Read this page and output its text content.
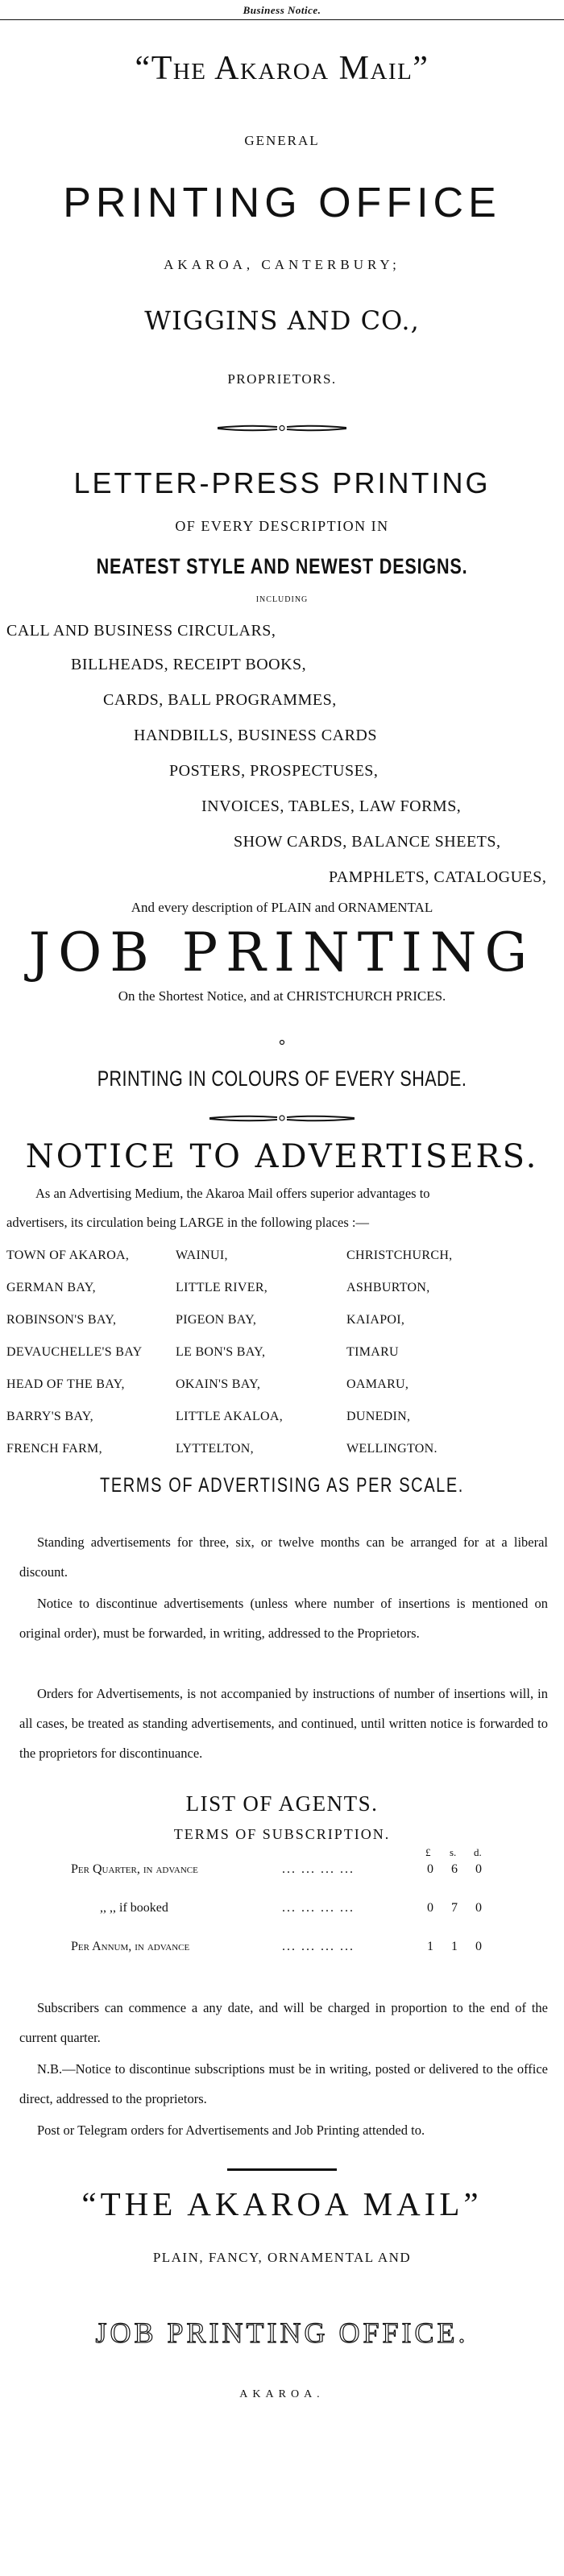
Business Notice.
“The Akaroa Mail”
GENERAL
PRINTING OFFICE
AKAROA, CANTERBURY;
WIGGINS AND CO.,
PROPRIETORS.
LETTER-PRESS PRINTING
OF EVERY DESCRIPTION IN
NEATEST STYLE AND NEWEST DESIGNS.
INCLUDING
CALL AND BUSINESS CIRCULARS,
BILLHEADS, RECEIPT BOOKS,
CARDS, BALL PROGRAMMES,
HANDBILLS, BUSINESS CARDS
POSTERS, PROSPECTUSES,
INVOICES, TABLES, LAW FORMS,
SHOW CARDS, BALANCE SHEETS,
PAMPHLETS, CATALOGUES,
And every description of PLAIN and ORNAMENTAL
JOB PRINTING
On the Shortest Notice, and at CHRISTCHURCH PRICES.
PRINTING IN COLOURS OF EVERY SHADE.
NOTICE TO ADVERTISERS.
As an Advertising Medium, the Akaroa Mail offers superior advantages to
advertisers, its circulation being LARGE in the following places :—
TOWN OF AKAROA,	WAINUI,	CHRISTCHURCH,
GERMAN BAY,	LITTLE RIVER,	ASHBURTON,
ROBINSON'S BAY,	PIGEON BAY,	KAIAPOI,
DEVAUCHELLE'S BAY	LE BON'S BAY,	TIMARU
HEAD OF THE BAY,	OKAIN'S BAY,	OAMARU,
BARRY'S BAY,	LITTLE AKALOA,	DUNEDIN,
FRENCH FARM,	LYTTELTON,	WELLINGTON.
TERMS OF ADVERTISING AS PER SCALE.
Standing advertisements for three, six, or twelve months can be arranged for at a liberal discount.
Notice to discontinue advertisements (unless where number of insertions is mentioned on original order), must be forwarded, in writing, addressed to the Proprietors.
Orders for Advertisements, is not accompanied by instructions of number of insertions will, in all cases, be treated as standing advertisements, and continued, until written notice is forwarded to the proprietors for discontinuance.
LIST OF AGENTS.
TERMS OF SUBSCRIPTION.
£ s. d.
Per Quarter, in advance	... ... ... ...	0 6 0
,, ,, if booked	... ... ... ...	0 7 0
Per Annum, in advance	... ... ... ...	1 1 0
Subscribers can commence a any date, and will be charged in proportion to the end of the current quarter.
N.B.—Notice to discontinue subscriptions must be in writing, posted or delivered to the office direct, addressed to the proprietors.
Post or Telegram orders for Advertisements and Job Printing attended to.
“THE AKAROA MAIL”
PLAIN, FANCY, ORNAMENTAL AND
JOB PRINTING OFFICE.
AKAROA.
